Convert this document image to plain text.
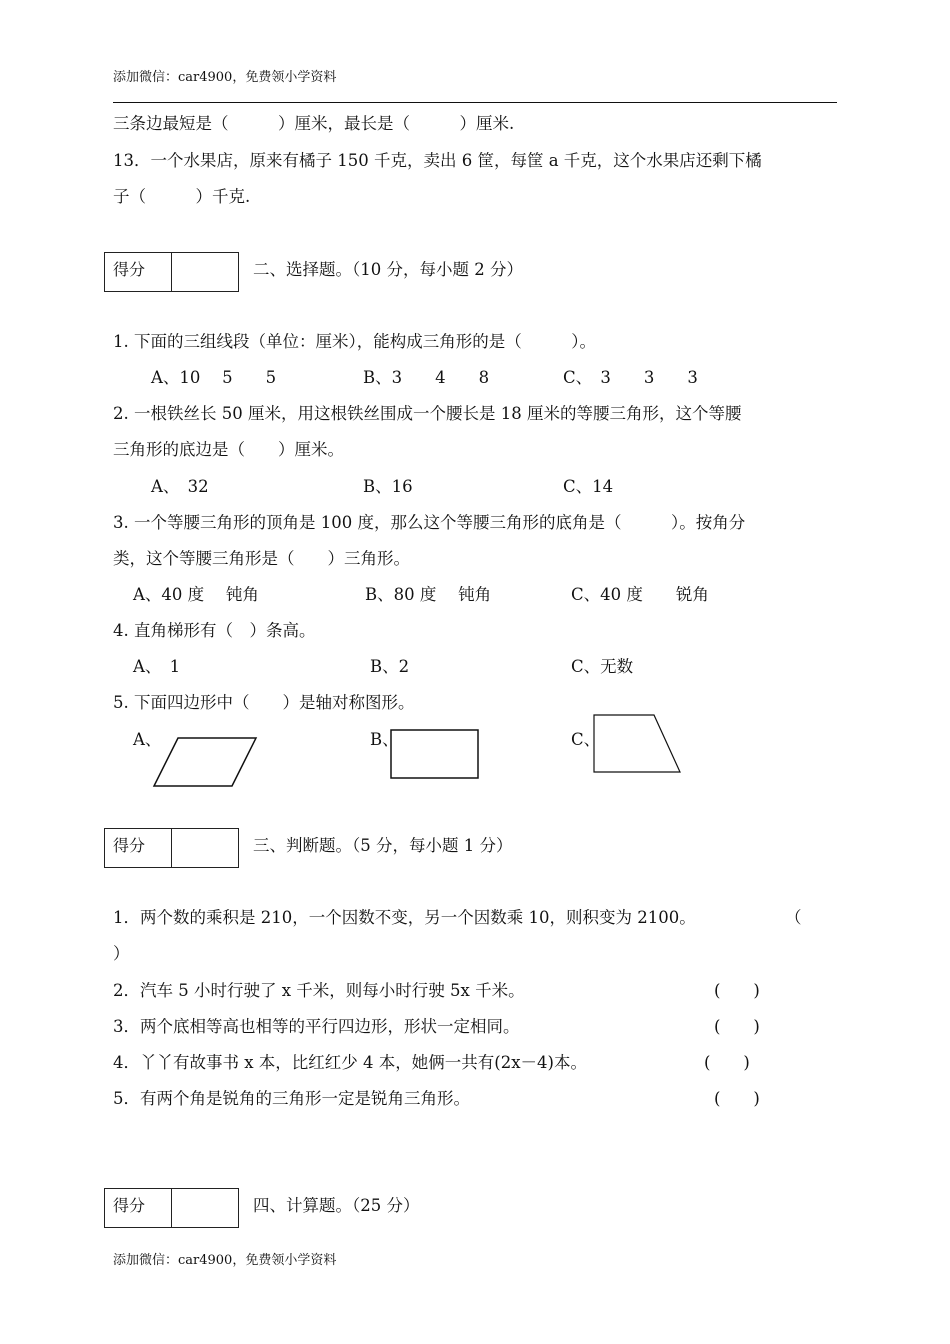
添加微信：car4900，免费领小学资料
三条边最短是（　　　）厘米，最长是（　　　）厘米.
13．一个水果店，原来有橘子 150 千克，卖出 6 筐，每筐 a 千克，这个水果店还剩下橘
子（　　　）千克.
得分	二、选择题。（10 分，每小题 2 分）
1. 下面的三组线段（单位：厘米），能构成三角形的是（　　　）。
A、10　 5　　5	B、3　　4　　8	C、　3　　3　　3
2. 一根铁丝长 50 厘米，用这根铁丝围成一个腰长是 18 厘米的等腰三角形，这个等腰
三角形的底边是（　　）厘米。
A、　32	B、16	C、14
3. 一个等腰三角形的顶角是 100 度，那么这个等腰三角形的底角是（　　　）。按角分
类，这个等腰三角形是（　　）三角形。
A、40 度　 钝角	B、80 度　 钝角	C、40 度　　锐角
4. 直角梯形有（　）条高。
A、　1	B、2	C、无数
5. 下面四边形中（　　）是轴对称图形。
A、	B、	C、
得分	三、判断题。（5 分，每小题 1 分）
1．两个数的乘积是 210，一个因数不变，另一个因数乘 10，则积变为 2100。	（
）
2．汽车 5 小时行驶了 x 千米，则每小时行驶 5x 千米。	(　　)
3．两个底相等高也相等的平行四边形，形状一定相同。	(　　)
4．丫丫有故事书 x 本，比红红少 4 本，她俩一共有(2x－4)本。	(　　)
5．有两个角是锐角的三角形一定是锐角三角形。	(　　)
得分	四、计算题。（25 分）
添加微信：car4900，免费领小学资料
